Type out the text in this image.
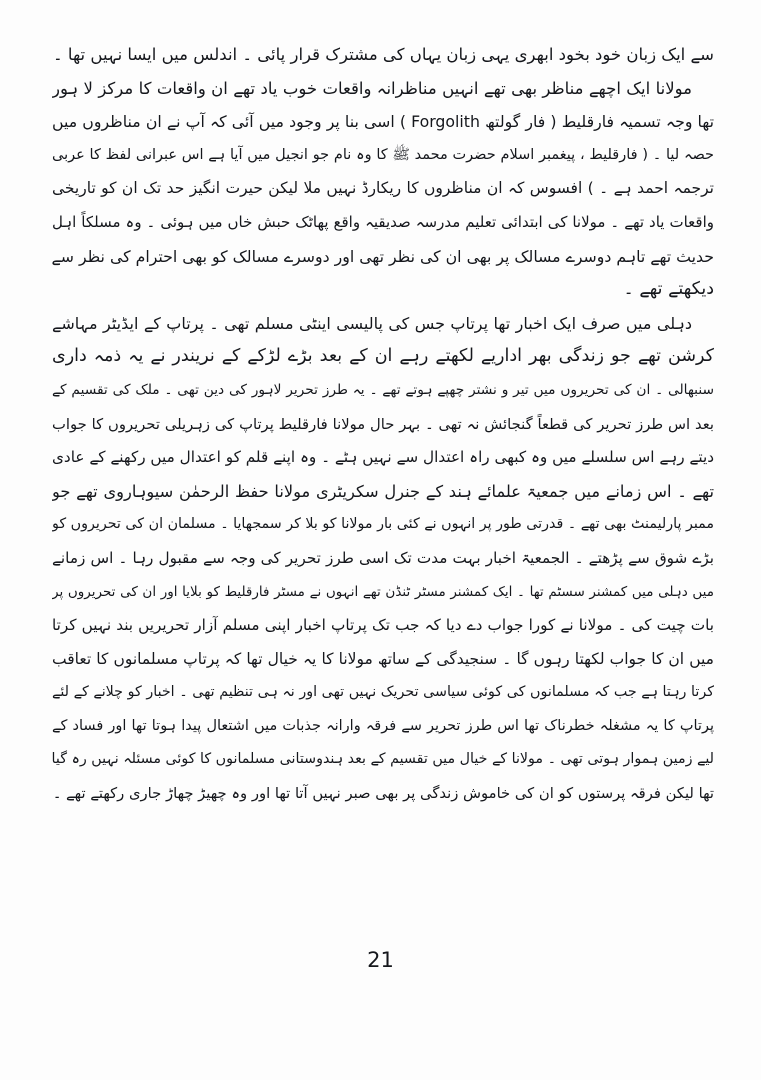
سے ایک زبان خود بخود ابھری یہی زبان یہاں کی مشترک قرار پائی ۔ اندلس میں ایسا نہیں تھا ۔
مولانا ایک اچھے مناظر بھی تھے انہیں مناظرانہ واقعات خوب یاد تھے ان واقعات کا مرکز لا ہور
تھا وجہ تسمیہ فارقلیط ( فار گولتھ Forgolith ) اسی بنا پر وجود میں آئی کہ آپ نے ان مناظروں میں
حصہ لیا ۔ ( فارقلیط ، پیغمبر اسلام حضرت محمد ﷺ کا وہ نام جو انجیل میں آیا ہے اس عبرانی لفظ کا عربی
ترجمہ احمد ہے ۔ ) افسوس کہ ان مناظروں کا ریکارڈ نہیں ملا لیکن حیرت انگیز حد تک ان کو تاریخی
واقعات یاد تھے ۔ مولانا کی ابتدائی تعلیم مدرسہ صدیقیہ واقع پھاٹک حبش خاں میں ہوئی ۔ وہ مسلکاً اہل
حدیث تھے تاہم دوسرے مسالک پر بھی ان کی نظر تھی اور دوسرے مسالک کو بھی احترام کی نظر سے
دیکھتے تھے ۔
دہلی میں صرف ایک اخبار تھا پرتاپ جس کی پالیسی اینٹی مسلم تھی ۔ پرتاپ کے ایڈیٹر مہاشے
کرشن تھے جو زندگی بھر اداریے لکھتے رہے ان کے بعد بڑے لڑکے کے نریندر نے یہ ذمہ داری
سنبھالی ۔ ان کی تحریروں میں تیر و نشتر چھپے ہوتے تھے ۔ یہ طرز تحریر لاہور کی دین تھی ۔ ملک کی تقسیم کے
بعد اس طرز تحریر کی قطعاً گنجائش نہ تھی ۔ بہر حال مولانا فارقلیط پرتاپ کی زہریلی تحریروں کا جواب
دیتے رہے اس سلسلے میں وہ کبھی راہ اعتدال سے نہیں ہٹے ۔ وہ اپنے قلم کو اعتدال میں رکھنے کے عادی
تھے ۔ اس زمانے میں جمعیۃ علمائے ہند کے جنرل سکریٹری مولانا حفظ الرحمٰن سیوہاروی تھے جو
ممبر پارلیمنٹ بھی تھے ۔ قدرتی طور پر انہوں نے کئی بار مولانا کو بلا کر سمجھایا ۔ مسلمان ان کی تحریروں کو
بڑے شوق سے پڑھتے ۔ الجمعیۃ اخبار بہت مدت تک اسی طرز تحریر کی وجہ سے مقبول رہا ۔ اس زمانے
میں دہلی میں کمشنر سسٹم تھا ۔ ایک کمشنر مسٹر ٹنڈن تھے انہوں نے مسٹر فارقلیط کو بلایا اور ان کی تحریروں پر
بات چیت کی ۔ مولانا نے کورا جواب دے دیا کہ جب تک پرتاپ اخبار اپنی مسلم آزار تحریریں بند نہیں کرتا
میں ان کا جواب لکھتا رہوں گا ۔ سنجیدگی کے ساتھ مولانا کا یہ خیال تھا کہ پرتاپ مسلمانوں کا تعاقب
کرتا رہتا ہے جب کہ مسلمانوں کی کوئی سیاسی تحریک نہیں تھی اور نہ ہی تنظیم تھی ۔ اخبار کو چلانے کے لئے
پرتاپ کا یہ مشغلہ خطرناک تھا اس طرز تحریر سے فرقہ وارانہ جذبات میں اشتعال پیدا ہوتا تھا اور فساد کے
لیے زمین ہموار ہوتی تھی ۔ مولانا کے خیال میں تقسیم کے بعد ہندوستانی مسلمانوں کا کوئی مسئلہ نہیں رہ گیا
تھا لیکن فرقہ پرستوں کو ان کی خاموش زندگی پر بھی صبر نہیں آتا تھا اور وہ چھیڑ چھاڑ جاری رکھتے تھے ۔
21
